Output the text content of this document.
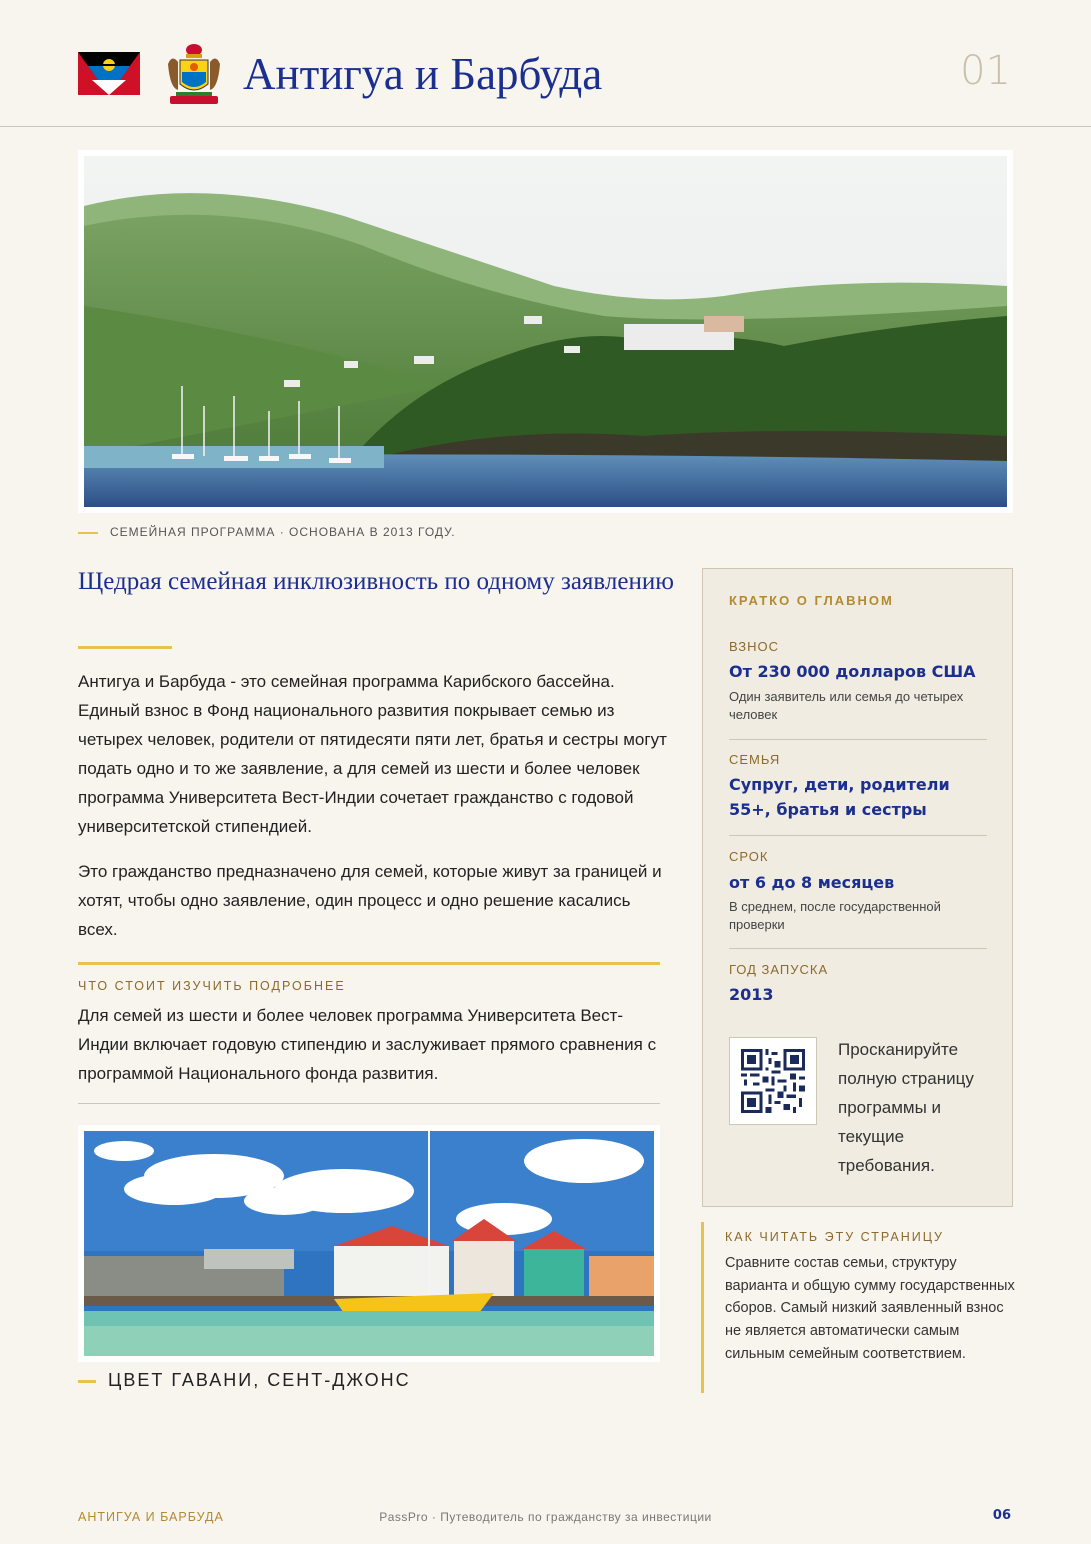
Антигуа и Барбуда	01
СЕМЕЙНАЯ ПРОГРАММА · ОСНОВАНА В 2013 ГОДУ.
Щедрая семейная инклюзивность по одному заявлению

Антигуа и Барбуда - это семейная программа Карибского бассейна. Единый взнос в Фонд национального развития покрывает семью из четырех человек, родители от пятидесяти пяти лет, братья и сестры могут подать одно и то же заявление, а для семей из шести и более человек программа Университета Вест-Индии сочетает гражданство с годовой университетской стипендией.

Это гражданство предназначено для семей, которые живут за границей и хотят, чтобы одно заявление, один процесс и одно решение касались всех.

ЧТО СТОИТ ИЗУЧИТЬ ПОДРОБНЕЕ

Для семей из шести и более человек программа Университета Вест-Индии включает годовую стипендию и заслуживает прямого сравнения с программой Национального фонда развития.

ЦВЕТ ГАВАНИ, СЕНТ-ДЖОНС
КРАТКО О ГЛАВНОМ
ВЗНОС
От 230 000 долларов США
Один заявитель или семья до четырех человек
СЕМЬЯ
Супруг, дети, родители 55+, братья и сестры
СРОК
от 6 до 8 месяцев
В среднем, после государственной проверки
ГОД ЗАПУСКА
2013
Просканируйте полную страницу программы и текущие требования.
КАК ЧИТАТЬ ЭТУ СТРАНИЦУ
Сравните состав семьи, структуру варианта и общую сумму государственных сборов. Самый низкий заявленный взнос не является автоматически самым сильным семейным соответствием.
АНТИГУА И БАРБУДА	PassPro · Путеводитель по гражданству за инвестиции	06
